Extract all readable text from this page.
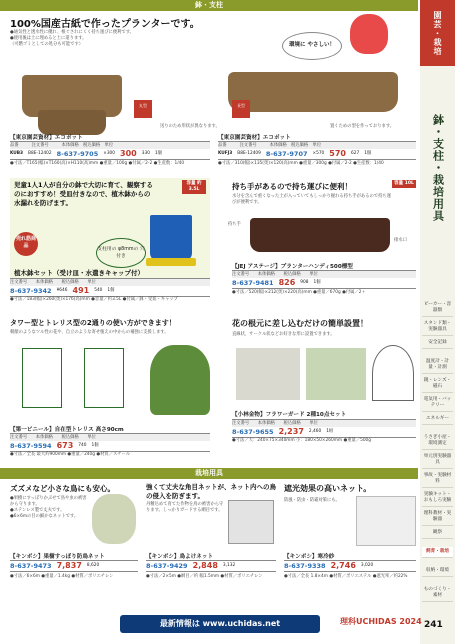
園芸・栽培
鉢・支柱・栽培用具
ビーカー・容器類
スタンド類・実験器具
安全記録
温度計・計量・計測
鏡・レンズ・磁石
電気用・バッテリー
エネルギー
うさぎ小屋・環境測定
単元別実験器具
事故・実験材料
実験キット・おもしろ実験
理科教材・実験器
観察
飼育・栽培
収納・環境
ものづくり・素材
鉢・支柱
100%国産古紙で作ったプランターです。
●通気性と透水性に優れ、根ぐされにくく持ち運びに便利です。
●使用後は土に埋めると土に還ります。
（可燃ゴミとしての処分も可能です）	環境に やさしい！
丸型
送りのため形状が異なります。
長型
置くための型を作っております。
【東京園芸資材】エコポット
品番　　　注文番号　　　本体価格　税込価格　単位
KUB3 B8E-12402 8-637-9705 ×300 300 330 1個
●寸法／T165(幅)×T160(高)×H110(高)mm ●重量／100g ●付属／2-2 ●生産数：1/40
【東京園芸資材】エコポット
品番　　　注文番号　　　本体価格　税込価格　単位
KUFJ3 B8E-12409 8-637-9707 ×570 570 627 1個
●寸法／310(幅)×135(奥)×120(高)mm ●重量／300g ●付属／2-2 ●生産数：1/40
児童1人1人が自分の鉢で大切に育て、観察するのにおすすめ！受皿付きなので、植木鉢からの水漏れを防げます。
容量 約3.5L
売れ筋商品
支柱用の φ8mmの 穴付き
植木鉢セット（受け皿・水遣きキャップ付）
注文番号　　本体価格　　税込価格　　単位
8-637-9342 ¥646 491 540 1個
●寸法／183(幅)×260(奥)×176(高)mm ●容量／約3.5L ●付属／鉢・受皿・キャップ
持ち手があるので持ち運びに便利！	容量 10L
水分を含んで重くなった土が入っていてもしっかり握れる持ち手があるので持ち運びが便利です。
持ち手
排水口
【JEJ アステージ】プランターハンディ500標型
注文番号　　本体価格　　税込価格　　単位
8-637-9481 826 908 1個
●寸法／520(幅)×212(奥)×220(高)mm ●重量／670g ●付属／2ヶ
タワー型とトレリス型の2通りの使い方ができます！
朝顔のようなツル性の花や、自立のような寄せ植えの中からの補強に支援します。
【第一ビニール】自在型トレリス 高さ90cm
注文番号　　本体価格　　税込価格　　単位
8-637-9594 673 740 1個
●寸法／全長 最大約900mm ●重量／240g ●材質／スチール
花の根元に差し込むだけの簡単設置！
直線状、サークル状などお好きな形に設置できます。
【小林金物】フラワーガード 2種10点セット
注文番号　　本体価格　　税込価格　　単位
8-637-9655 2,237 2,460 1組
●寸法／大：240×75×340mm 小：180×50×260mm ●重量／500g
栽培用具
ズズメなど小さな鳥にも安心。
●果樹にすっぽりかぶせて鳥や虫の被害から守ります。
●ステンレス製で丈夫です。
●6×6mの目の細かなネットです。
【キンボシ】果樹すっぽり防鳥ネット
8-637-9473 7,837 8,620
●寸法／6×6m ●重量／1.4kg ●材質／ポリエチレン
強くて丈夫な角目ネットが、ネット内への鳥の侵入を防ぎます。
丹精込めて育てた作物を鳥の被害から守ります。しっかりガードする網目です。
【キンボシ】鳥よけネット
8-637-9429 2,848 3,132
●寸法／2×5m ●網目／約 幅1.5mm ●材質／ポリエチレン
遮光効果の高いネット。
防風・防虫・防霜対策にも。
【キンボシ】寒冷紗
8-637-9338 2,746 3,020
●寸法／全長 1.8×4m ●材質／ポリエステル ●遮光率／約22%
最新情報は www.uchidas.net	理科UCHIDAS 2024 241
